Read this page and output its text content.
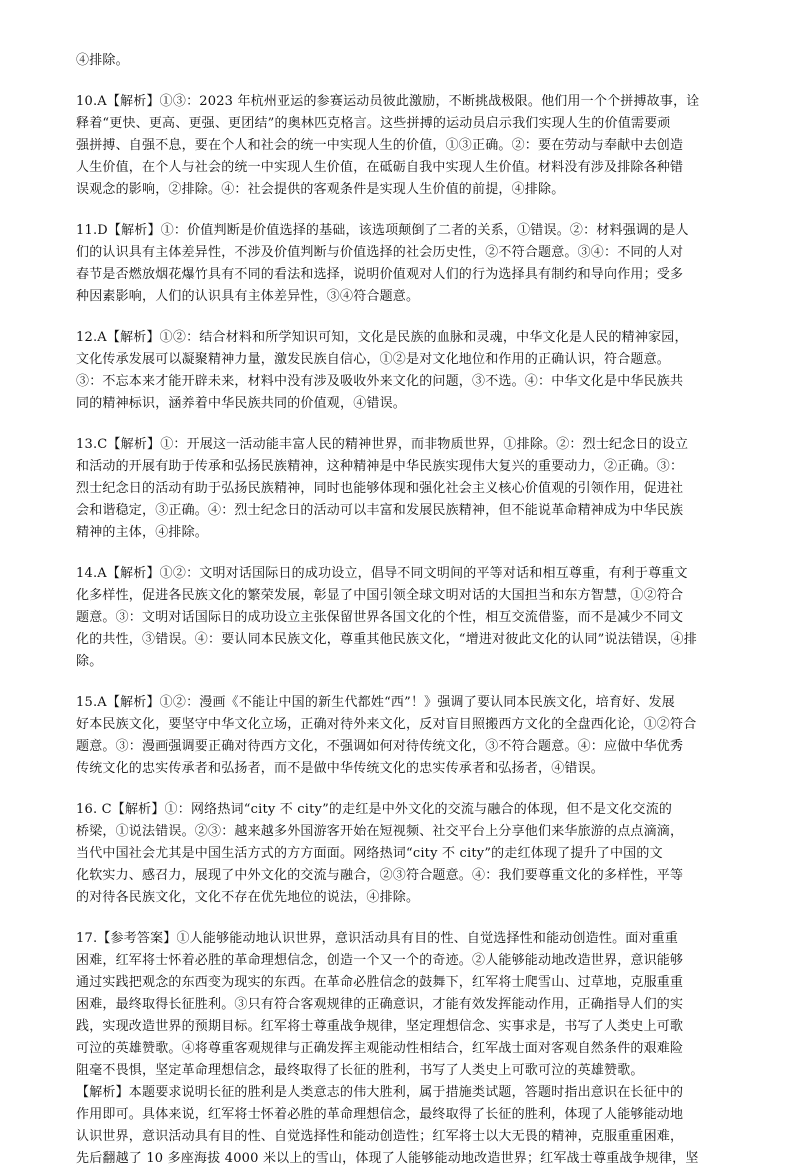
④排除。

10.A【解析】①③：2023 年杭州亚运的参赛运动员彼此激励，不断挑战极限。他们用一个个拼搏故事，诠
释着“更快、更高、更强、更团结”的奥林匹克格言。这些拼搏的运动员启示我们实现人生的价值需要顽
强拼搏、自强不息，要在个人和社会的统一中实现人生的价值，①③正确。②：要在劳动与奉献中去创造
人生价值，在个人与社会的统一中实现人生价值，在砥砺自我中实现人生价值。材料没有涉及排除各种错
误观念的影响，②排除。④：社会提供的客观条件是实现人生价值的前提，④排除。

11.D【解析】①：价值判断是价值选择的基础，该选项颠倒了二者的关系，①错误。②：材料强调的是人
们的认识具有主体差异性，不涉及价值判断与价值选择的社会历史性，②不符合题意。③④：不同的人对
春节是否燃放烟花爆竹具有不同的看法和选择，说明价值观对人们的行为选择具有制约和导向作用；受多
种因素影响，人们的认识具有主体差异性，③④符合题意。

12.A【解析】①②：结合材料和所学知识可知，文化是民族的血脉和灵魂，中华文化是人民的精神家园，
文化传承发展可以凝聚精神力量，激发民族自信心，①②是对文化地位和作用的正确认识，符合题意。
③：不忘本来才能开辟未来，材料中没有涉及吸收外来文化的问题，③不选。④：中华文化是中华民族共
同的精神标识，涵养着中华民族共同的价值观，④错误。

13.C【解析】①：开展这一活动能丰富人民的精神世界，而非物质世界，①排除。②：烈士纪念日的设立
和活动的开展有助于传承和弘扬民族精神，这种精神是中华民族实现伟大复兴的重要动力，②正确。③：
烈士纪念日的活动有助于弘扬民族精神，同时也能够体现和强化社会主义核心价值观的引领作用，促进社
会和谐稳定，③正确。④：烈士纪念日的活动可以丰富和发展民族精神，但不能说革命精神成为中华民族
精神的主体，④排除。

14.A【解析】①②：文明对话国际日的成功设立，倡导不同文明间的平等对话和相互尊重，有利于尊重文
化多样性，促进各民族文化的繁荣发展，彰显了中国引领全球文明对话的大国担当和东方智慧，①②符合
题意。③：文明对话国际日的成功设立主张保留世界各国文化的个性，相互交流借鉴，而不是减少不同文
化的共性，③错误。④：要认同本民族文化，尊重其他民族文化，“增进对彼此文化的认同”说法错误，④排
除。

15.A【解析】①②：漫画《不能让中国的新生代都姓“西”！》强调了要认同本民族文化，培育好、发展
好本民族文化，要坚守中华文化立场，正确对待外来文化，反对盲目照搬西方文化的全盘西化论，①②符合
题意。③：漫画强调要正确对待西方文化，不强调如何对待传统文化，③不符合题意。④：应做中华优秀
传统文化的忠实传承者和弘扬者，而不是做中华传统文化的忠实传承者和弘扬者，④错误。

16. C【解析】①：网络热词“city 不 city”的走红是中外文化的交流与融合的体现，但不是文化交流的
桥梁，①说法错误。②③：越来越多外国游客开始在短视频、社交平台上分享他们来华旅游的点点滴滴，
当代中国社会尤其是中国生活方式的方方面面。网络热词“city 不 city”的走红体现了提升了中国的文
化软实力、感召力，展现了中外文化的交流与融合，②③符合题意。④：我们要尊重文化的多样性，平等
的对待各民族文化，文化不存在优先地位的说法，④排除。

17.【参考答案】①人能够能动地认识世界，意识活动具有目的性、自觉选择性和能动创造性。面对重重
困难，红军将士怀着必胜的革命理想信念，创造一个又一个的奇迹。②人能够能动地改造世界，意识能够
通过实践把观念的东西变为现实的东西。在革命必胜信念的鼓舞下，红军将士爬雪山、过草地，克服重重
困难，最终取得长征胜利。③只有符合客观规律的正确意识，才能有效发挥能动作用，正确指导人们的实
践，实现改造世界的预期目标。红军将士尊重战争规律，坚定理想信念、实事求是，书写了人类史上可歌
可泣的英雄赞歌。④将尊重客观规律与正确发挥主观能动性相结合，红军战士面对客观自然条件的艰难险
阻毫不畏惧，坚定革命理想信念，最终取得了长征的胜利，书写了人类史上可歌可泣的英雄赞歌。
【解析】本题要求说明长征的胜利是人类意志的伟大胜利，属于措施类试题，答题时指出意识在长征中的
作用即可。具体来说，红军将士怀着必胜的革命理想信念，最终取得了长征的胜利，体现了人能够能动地
认识世界，意识活动具有目的性、自觉选择性和能动创造性；红军将士以大无畏的精神，克服重重困难，
先后翻越了 10 多座海拔 4000 米以上的雪山，体现了人能够能动地改造世界；红军战士尊重战争规律，坚
